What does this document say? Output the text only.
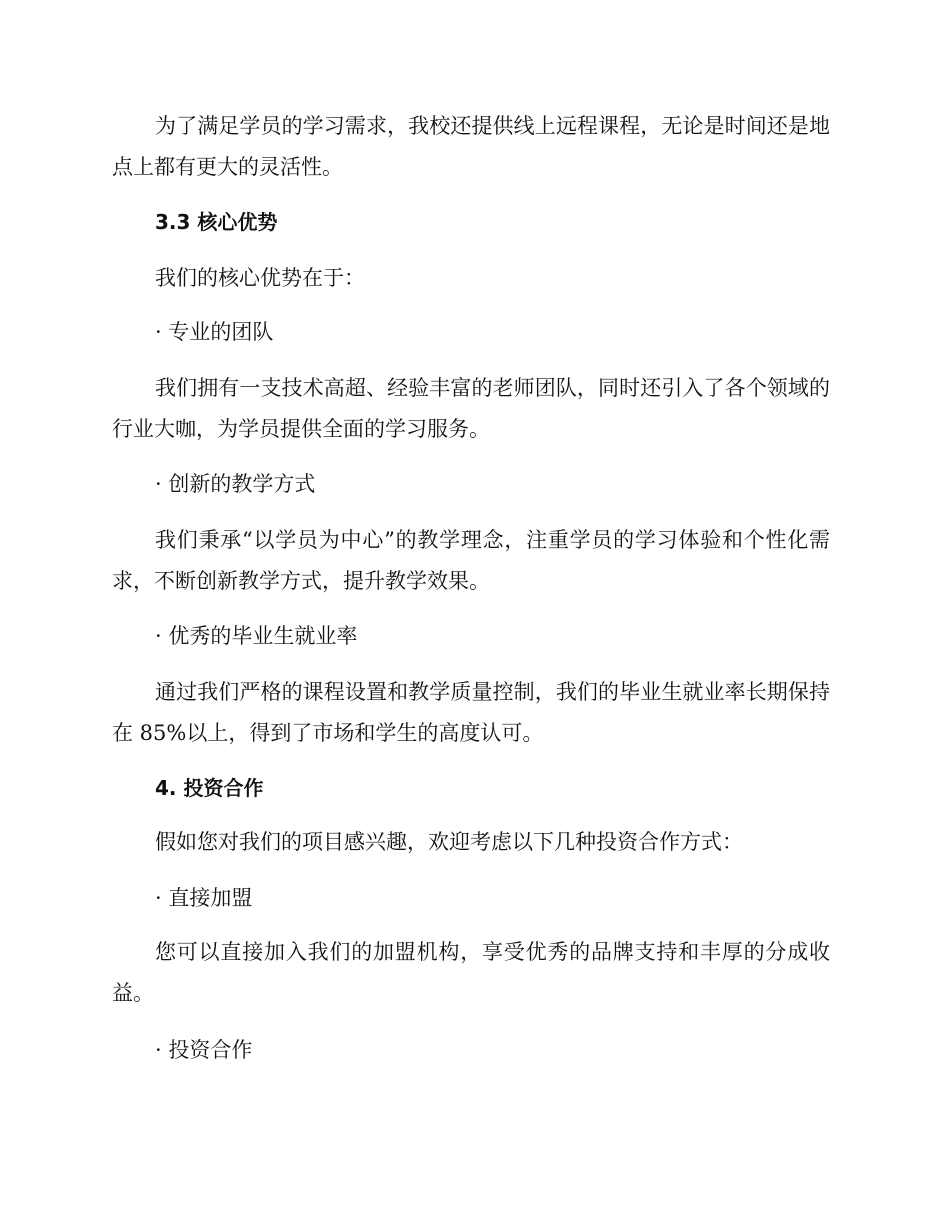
为了满足学员的学习需求，我校还提供线上远程课程，无论是时间还是地点上都有更大的灵活性。

3.3 核心优势

我们的核心优势在于：

· 专业的团队

我们拥有一支技术高超、经验丰富的老师团队，同时还引入了各个领域的行业大咖，为学员提供全面的学习服务。

· 创新的教学方式

我们秉承“以学员为中心”的教学理念，注重学员的学习体验和个性化需求，不断创新教学方式，提升教学效果。

· 优秀的毕业生就业率

通过我们严格的课程设置和教学质量控制，我们的毕业生就业率长期保持在 85%以上，得到了市场和学生的高度认可。

4. 投资合作

假如您对我们的项目感兴趣，欢迎考虑以下几种投资合作方式：

· 直接加盟

您可以直接加入我们的加盟机构，享受优秀的品牌支持和丰厚的分成收益。

· 投资合作
